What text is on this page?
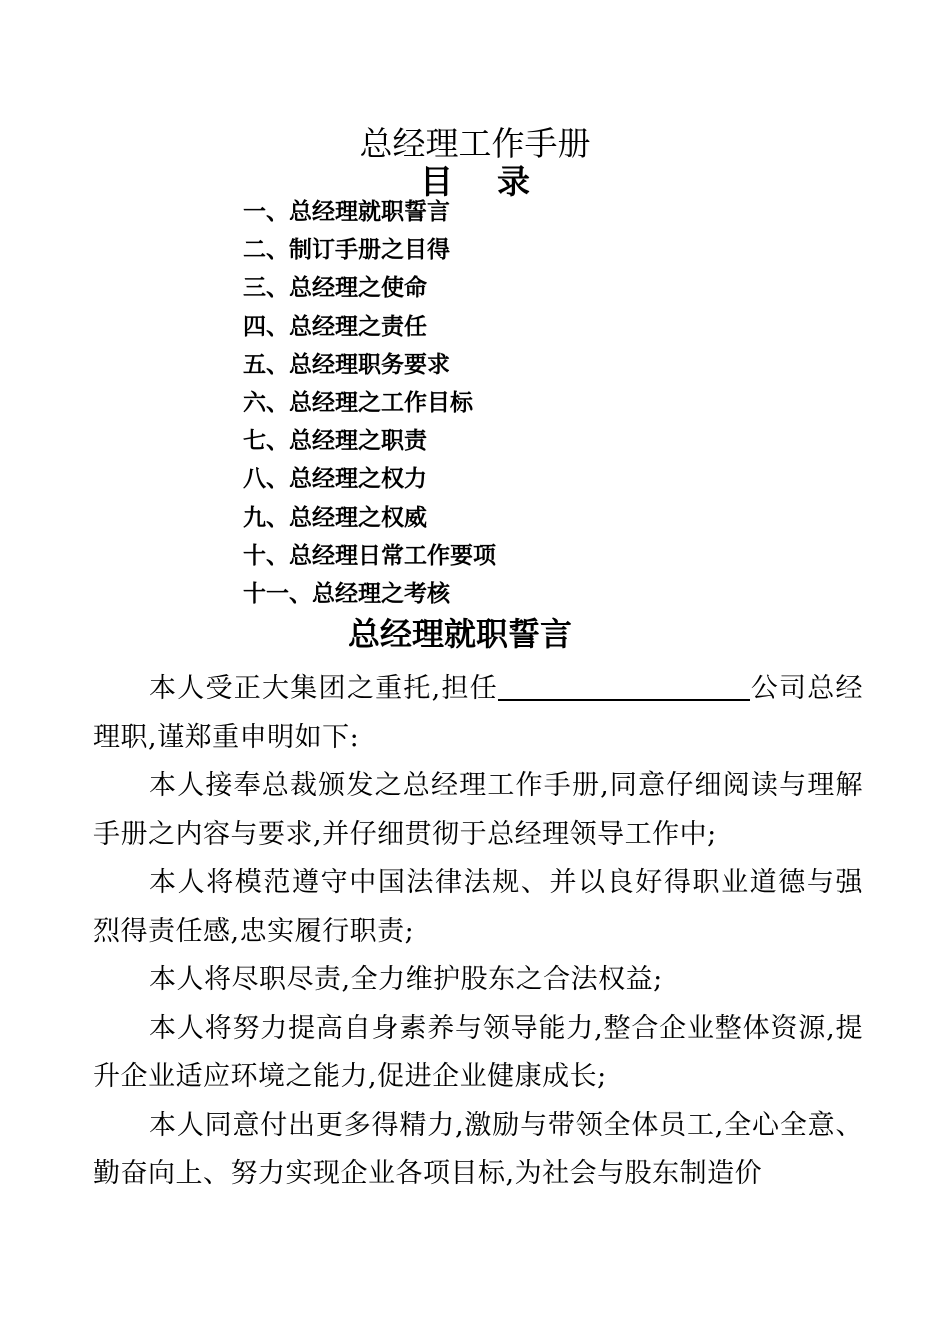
总经理工作手册
目 录
一、总经理就职誓言
二、制订手册之目得
三、总经理之使命
四、总经理之责任
五、总经理职务要求
六、总经理之工作目标
七、总经理之职责
八、总经理之权力
九、总经理之权威
十、总经理日常工作要项
十一、总经理之考核
总经理就职誓言

本人受正大集团之重托,担任	公司总经理职,谨郑重申明如下:

本人接奉总裁颁发之总经理工作手册,同意仔细阅读与理解手册之内容与要求,并仔细贯彻于总经理领导工作中;

本人将模范遵守中国法律法规、并以良好得职业道德与强烈得责任感,忠实履行职责;

本人将尽职尽责,全力维护股东之合法权益;

本人将努力提高自身素养与领导能力,整合企业整体资源,提升企业适应环境之能力,促进企业健康成长;

本人同意付出更多得精力,激励与带领全体员工,全心全意、勤奋向上、努力实现企业各项目标,为社会与股东制造价
